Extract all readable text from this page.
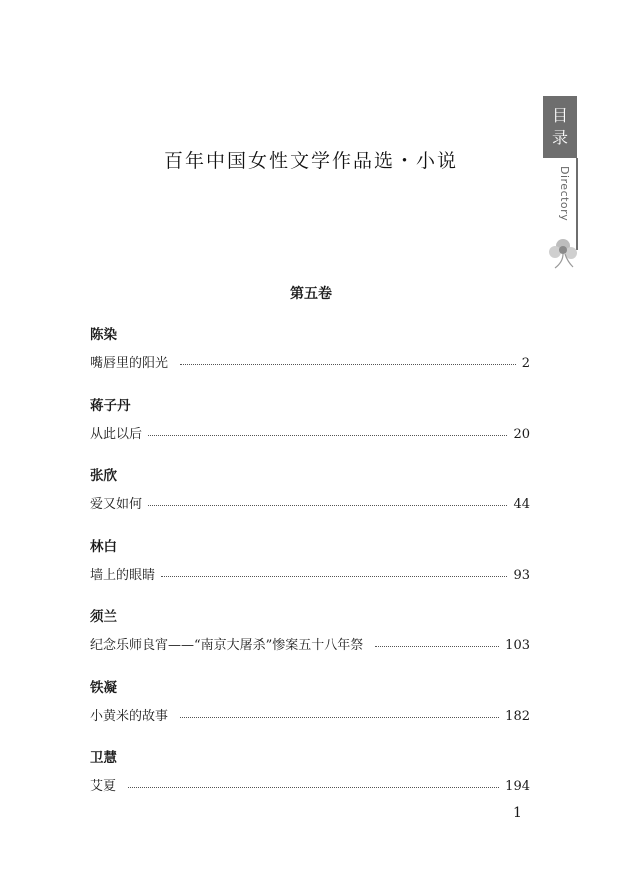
目
录
Directory
百年中国女性文学作品选・小说
第五卷
陈染
嘴唇里的阳光	2
蒋子丹
从此以后	20
张欣
爱又如何	44
林白
墙上的眼睛	93
须兰
纪念乐师良宵——“南京大屠杀”惨案五十八年祭	103
铁凝
小黄米的故事	182
卫慧
艾夏	194
1
